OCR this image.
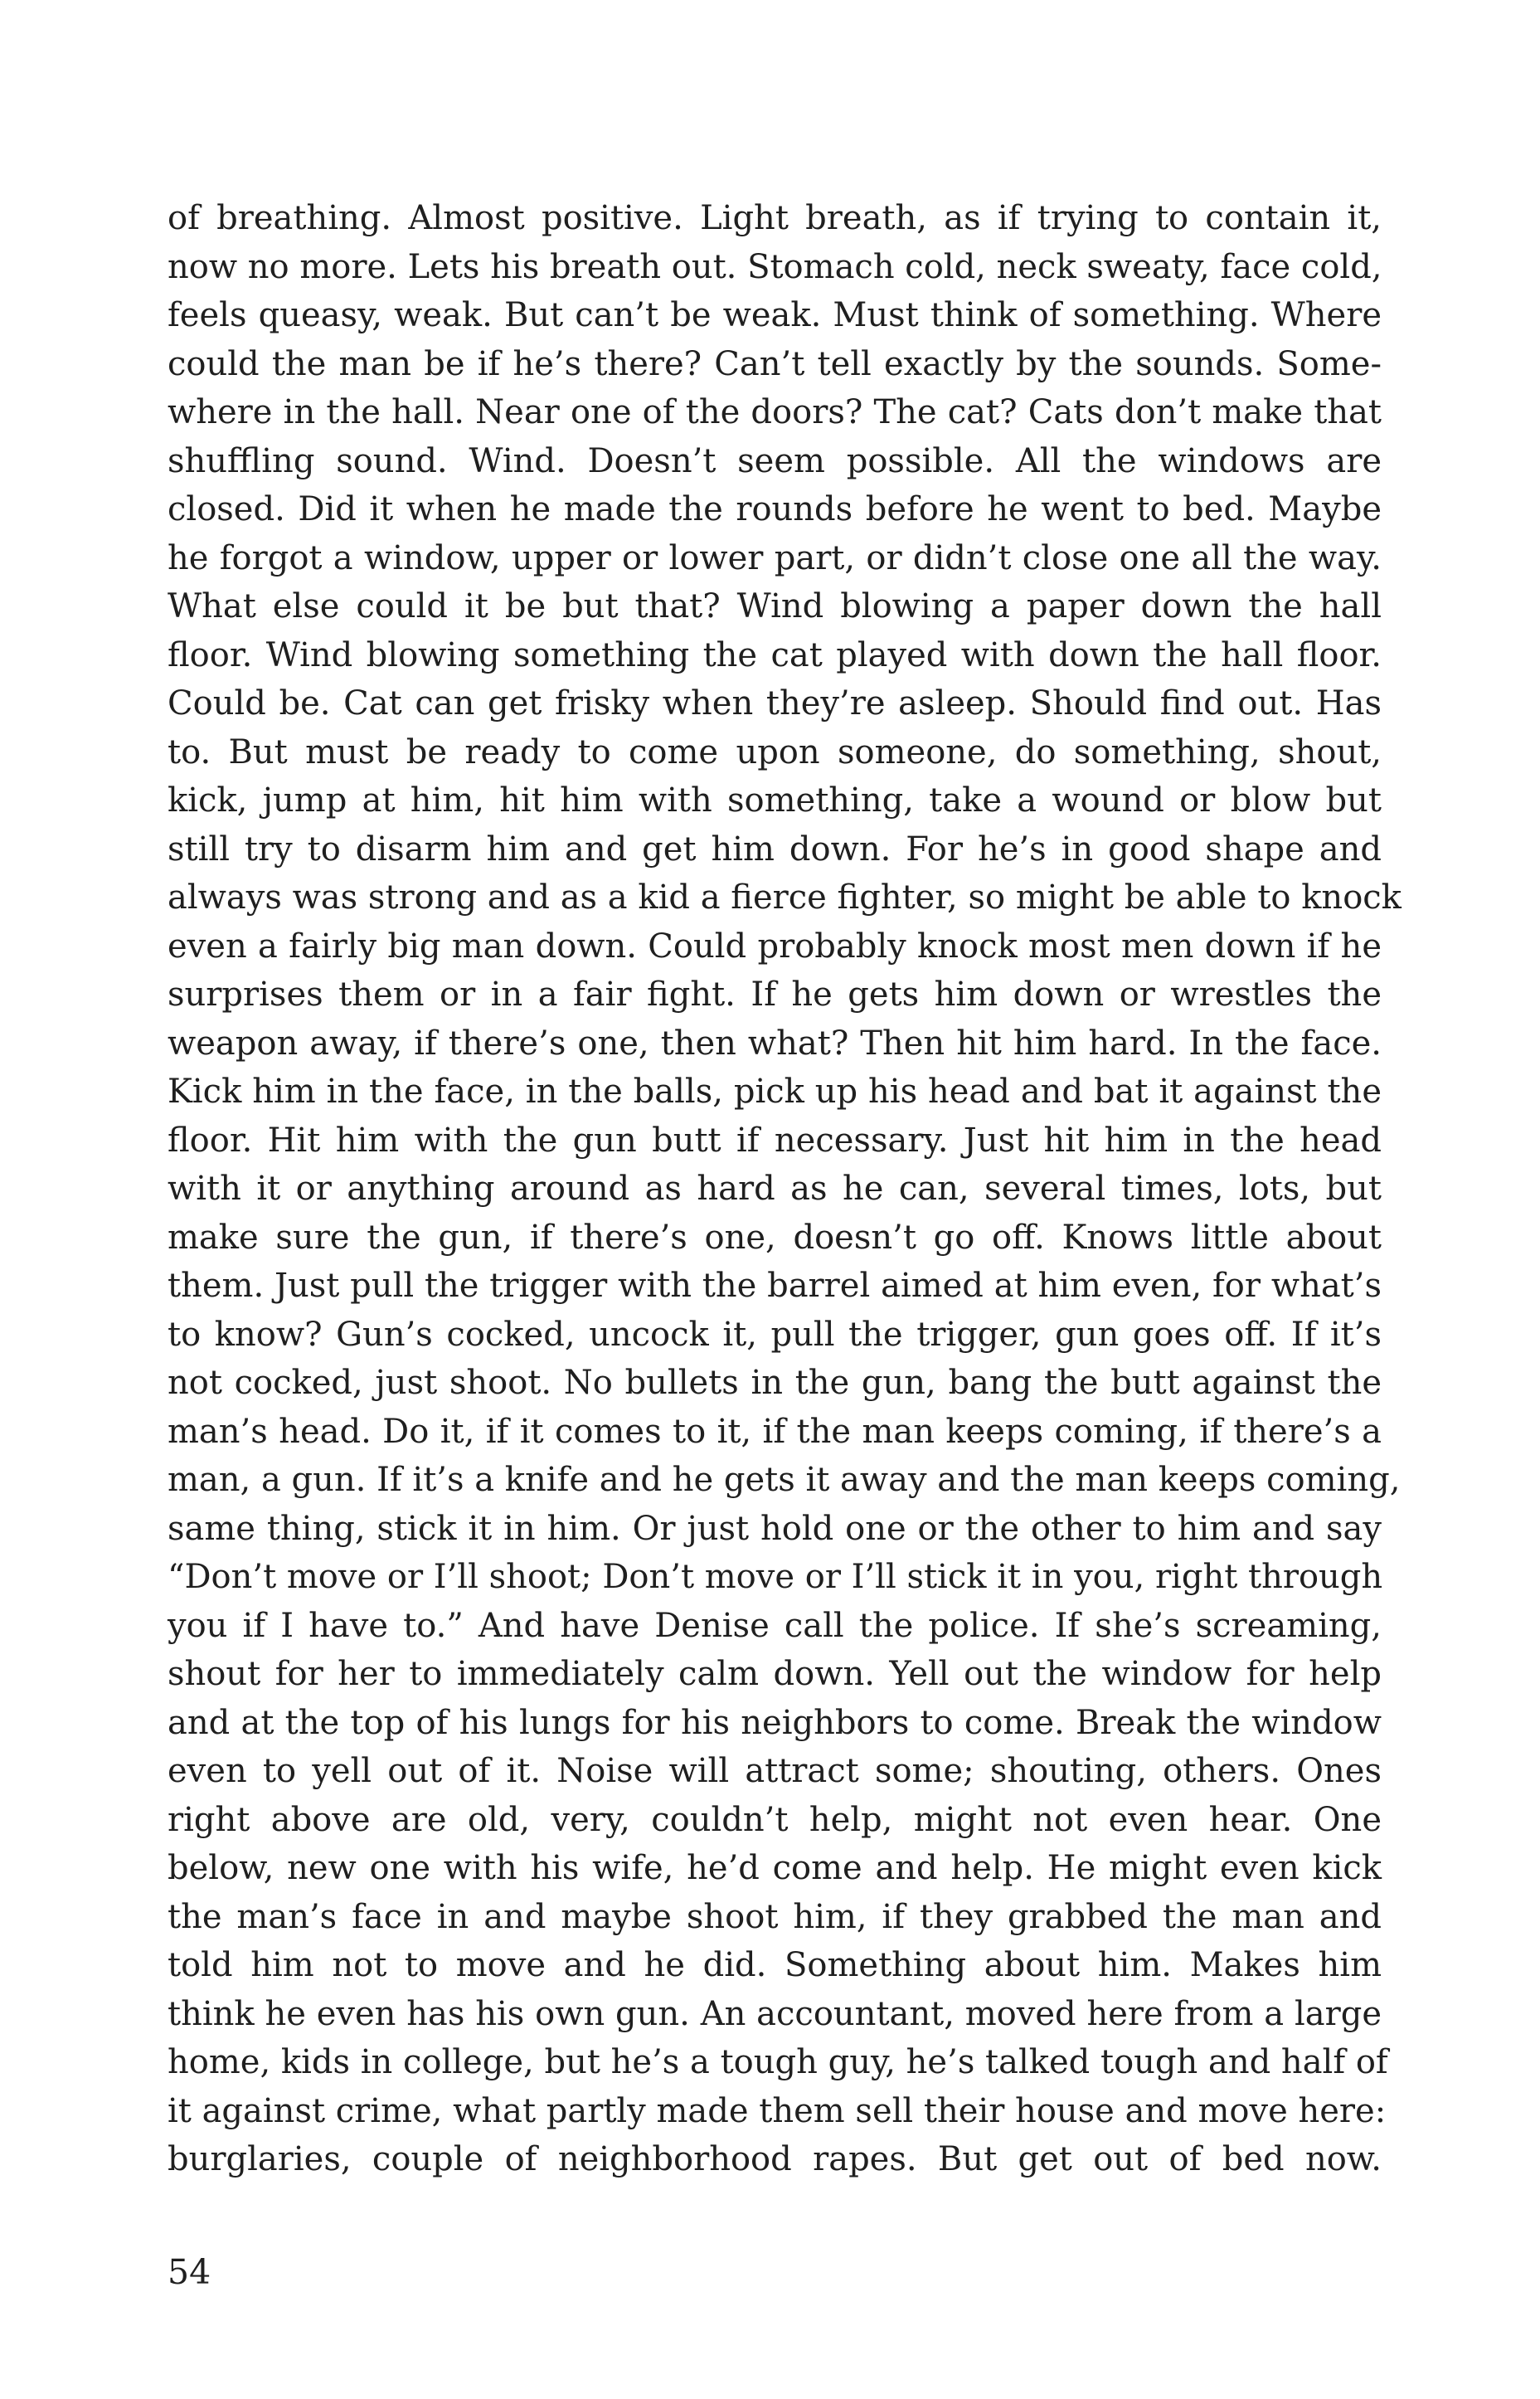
of breathing. Almost positive. Light breath, as if trying to contain it,
now no more. Lets his breath out. Stomach cold, neck sweaty, face cold,
feels queasy, weak. But can’t be weak. Must think of something. Where
could the man be if he’s there? Can’t tell exactly by the sounds. Some-
where in the hall. Near one of the doors? The cat? Cats don’t make that
shuffling sound. Wind. Doesn’t seem possible. All the windows are
closed. Did it when he made the rounds before he went to bed. Maybe
he forgot a window, upper or lower part, or didn’t close one all the way.
What else could it be but that? Wind blowing a paper down the hall
floor. Wind blowing something the cat played with down the hall floor.
Could be. Cat can get frisky when they’re asleep. Should find out. Has
to. But must be ready to come upon someone, do something, shout,
kick, jump at him, hit him with something, take a wound or blow but
still try to disarm him and get him down. For he’s in good shape and
always was strong and as a kid a fierce fighter, so might be able to knock
even a fairly big man down. Could probably knock most men down if he
surprises them or in a fair fight. If he gets him down or wrestles the
weapon away, if there’s one, then what? Then hit him hard. In the face.
Kick him in the face, in the balls, pick up his head and bat it against the
floor. Hit him with the gun butt if necessary. Just hit him in the head
with it or anything around as hard as he can, several times, lots, but
make sure the gun, if there’s one, doesn’t go off. Knows little about
them. Just pull the trigger with the barrel aimed at him even, for what’s
to know? Gun’s cocked, uncock it, pull the trigger, gun goes off. If it’s
not cocked, just shoot. No bullets in the gun, bang the butt against the
man’s head. Do it, if it comes to it, if the man keeps coming, if there’s a
man, a gun. If it’s a knife and he gets it away and the man keeps coming,
same thing, stick it in him. Or just hold one or the other to him and say
“Don’t move or I’ll shoot; Don’t move or I’ll stick it in you, right through
you if I have to.” And have Denise call the police. If she’s screaming,
shout for her to immediately calm down. Yell out the window for help
and at the top of his lungs for his neighbors to come. Break the window
even to yell out of it. Noise will attract some; shouting, others. Ones
right above are old, very, couldn’t help, might not even hear. One
below, new one with his wife, he’d come and help. He might even kick
the man’s face in and maybe shoot him, if they grabbed the man and
told him not to move and he did. Something about him. Makes him
think he even has his own gun. An accountant, moved here from a large
home, kids in college, but he’s a tough guy, he’s talked tough and half of
it against crime, what partly made them sell their house and move here:
burglaries, couple of neighborhood rapes. But get out of bed now.
54
